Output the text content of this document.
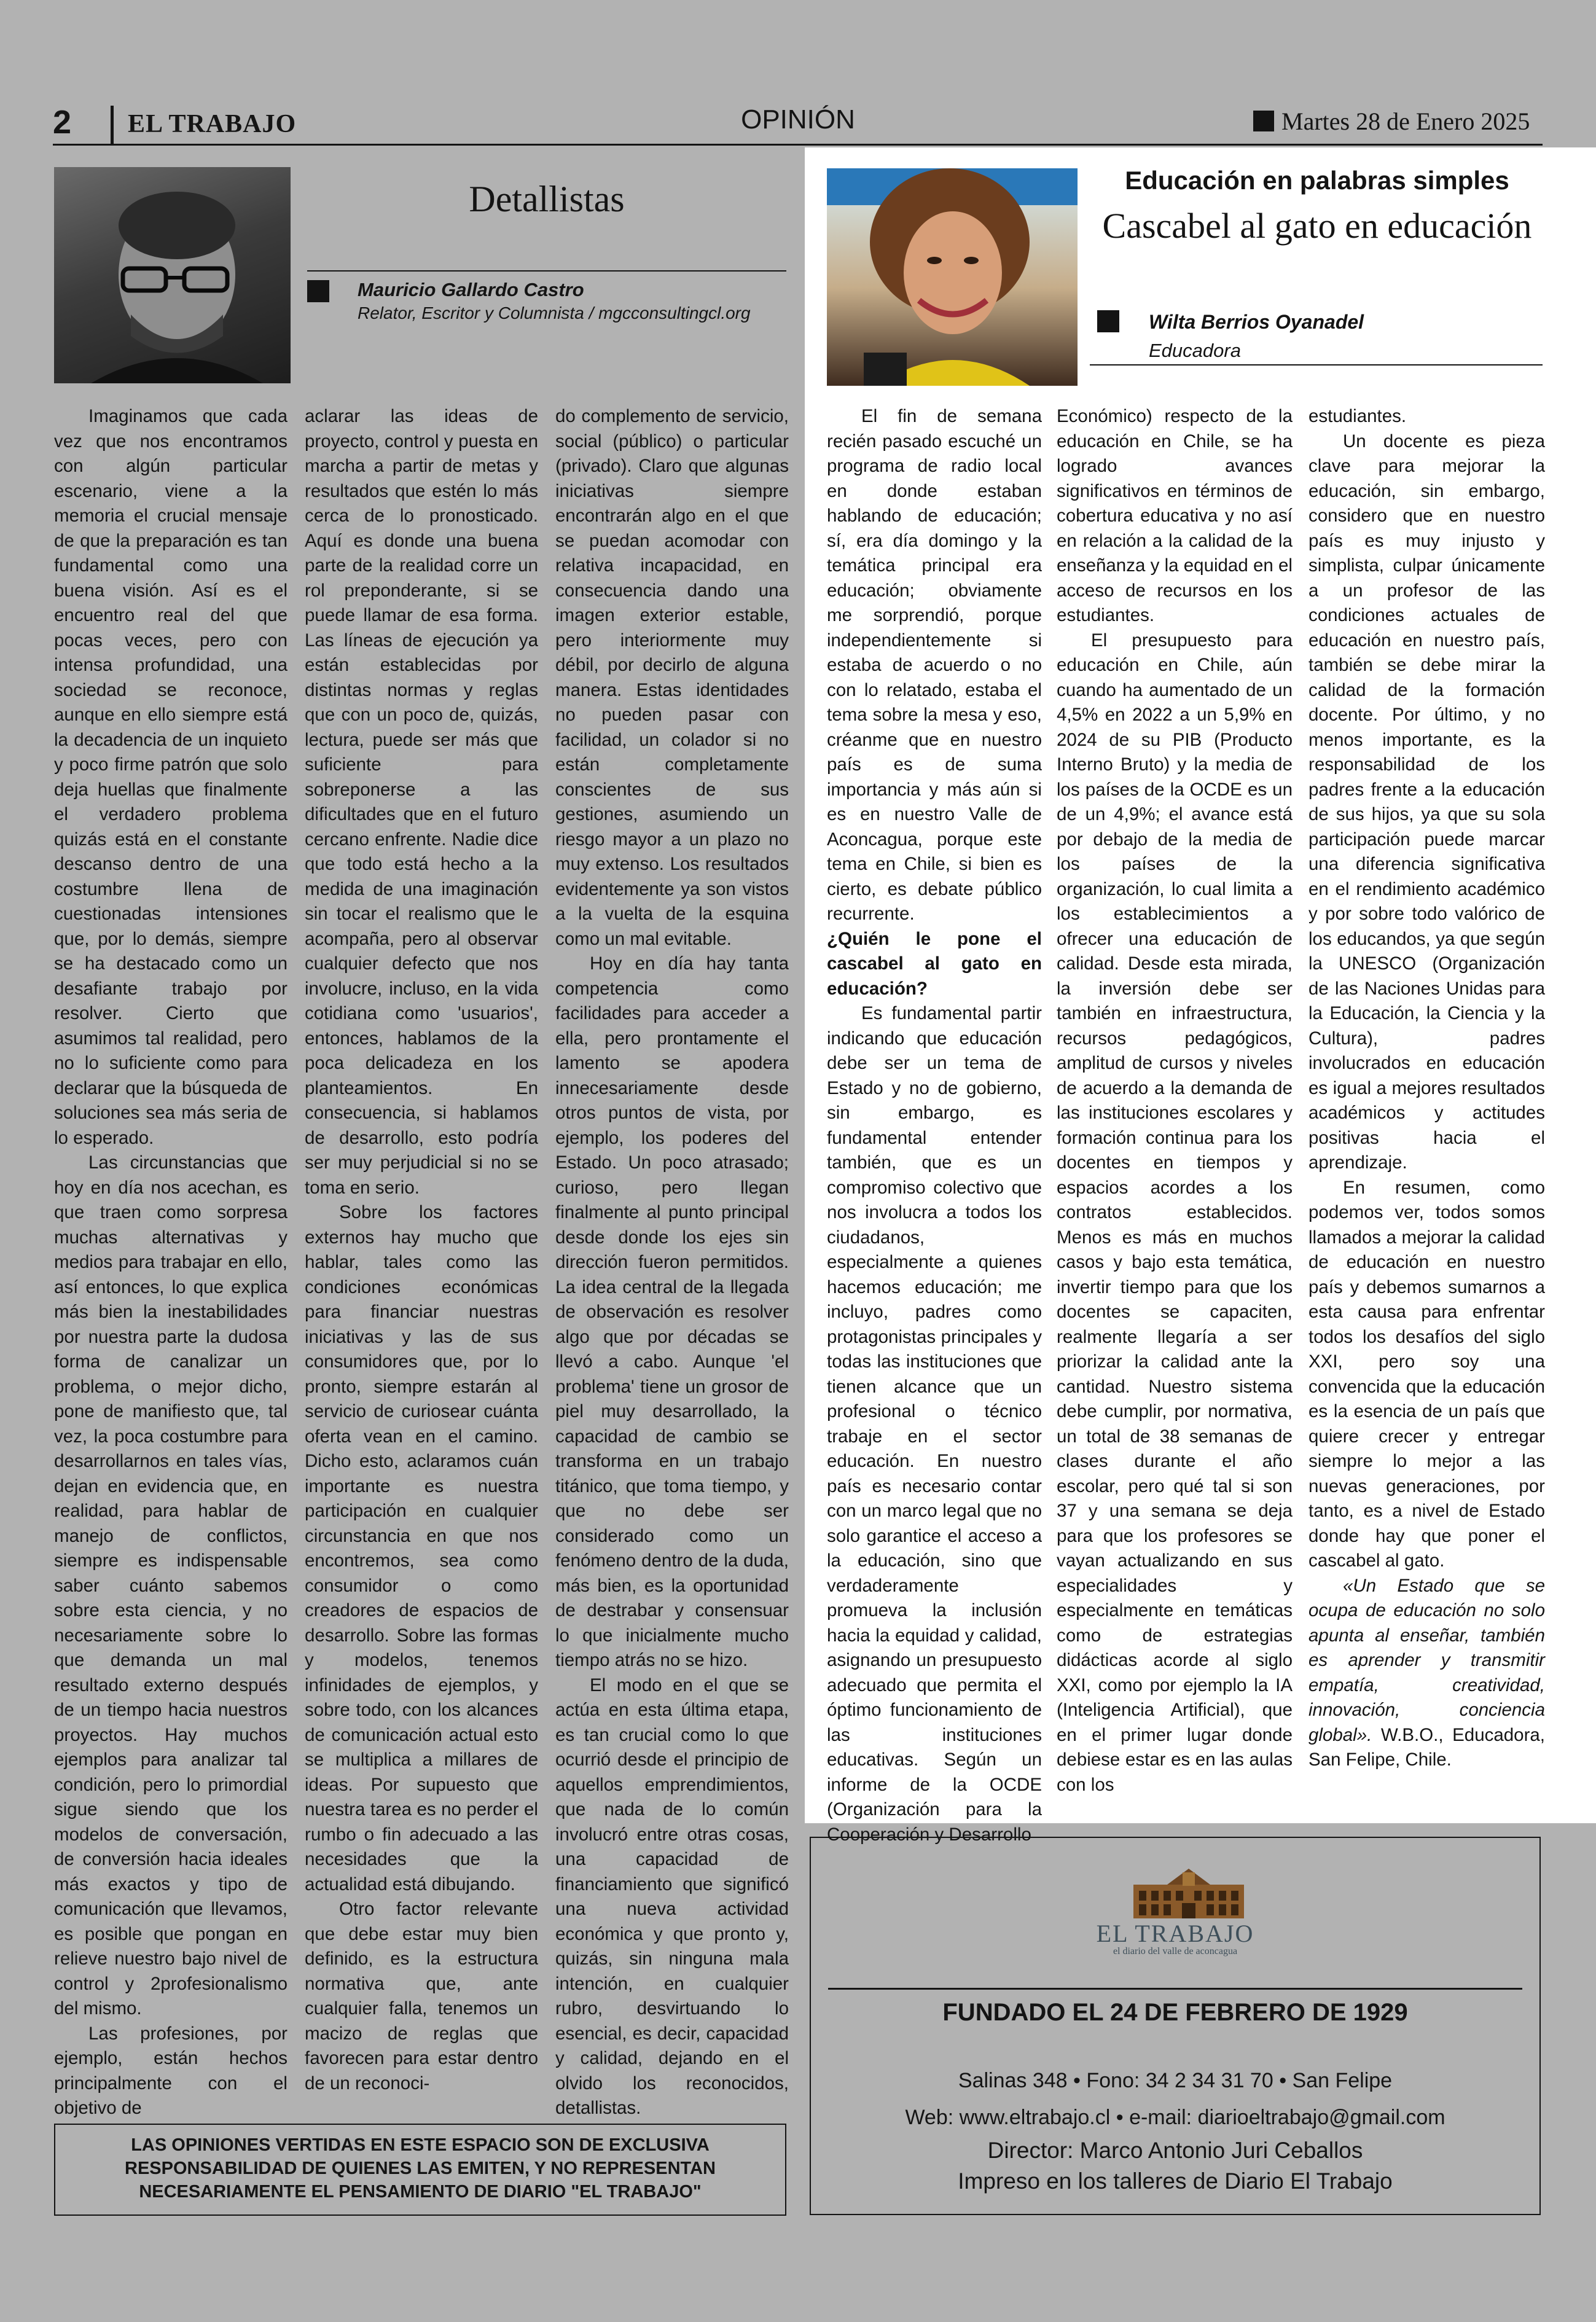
2 EL TRABAJO	OPINIÓN	Martes 28 de Enero 2025
Detallistas
Mauricio Gallardo Castro
Relator, Escritor y Columnista / mgcconsultingcl.org

Imaginamos que cada vez que nos encontramos con algún particular escenario, viene a la memoria el crucial mensaje de que la preparación es tan fundamental como una buena visión. Así es el encuentro real del que pocas veces, pero con intensa profundidad, una sociedad se reconoce, aunque en ello siempre está la decadencia de un inquieto y poco firme patrón que solo deja huellas que finalmente el verdadero problema quizás está en el constante descanso dentro de una costumbre llena de cuestionadas intensiones que, por lo demás, siempre se ha destacado como un desafiante trabajo por resolver. Cierto que asumimos tal realidad, pero no lo suficiente como para declarar que la búsqueda de soluciones sea más seria de lo esperado.

Las circunstancias que hoy en día nos acechan, es que traen como sorpresa muchas alternativas y medios para trabajar en ello, así entonces, lo que explica más bien la inestabilidades por nuestra parte la dudosa forma de canalizar un problema, o mejor dicho, pone de manifiesto que, tal vez, la poca costumbre para desarrollarnos en tales vías, dejan en evidencia que, en realidad, para hablar de manejo de conflictos, siempre es indispensable saber cuánto sabemos sobre esta ciencia, y no necesariamente sobre lo que demanda un mal resultado externo después de un tiempo hacia nuestros proyectos. Hay muchos ejemplos para analizar tal condición, pero lo primordial sigue siendo que los modelos de conversación, de conversión hacia ideales más exactos y tipo de comunicación que llevamos, es posible que pongan en relieve nuestro bajo nivel de control y 2profesionalismo del mismo.

Las profesiones, por ejemplo, están hechos principalmente con el objetivo de

aclarar las ideas de proyecto, control y puesta en marcha a partir de metas y resultados que estén lo más cerca de lo pronosticado. Aquí es donde una buena parte de la realidad corre un rol preponderante, si se puede llamar de esa forma. Las líneas de ejecución ya están establecidas por distintas normas y reglas que con un poco de, quizás, lectura, puede ser más que suficiente para sobreponerse a las dificultades que en el futuro cercano enfrente. Nadie dice que todo está hecho a la medida de una imaginación sin tocar el realismo que le acompaña, pero al observar cualquier defecto que nos involucre, incluso, en la vida cotidiana como 'usuarios', entonces, hablamos de la poca delicadeza en los planteamientos. En consecuencia, si hablamos de desarrollo, esto podría ser muy perjudicial si no se toma en serio.

Sobre los factores externos hay mucho que hablar, tales como las condiciones económicas para financiar nuestras iniciativas y las de sus consumidores que, por lo pronto, siempre estarán al servicio de curiosear cuánta oferta vean en el camino. Dicho esto, aclaramos cuán importante es nuestra participación en cualquier circunstancia en que nos encontremos, sea como consumidor o como creadores de espacios de desarrollo. Sobre las formas y modelos, tenemos infinidades de ejemplos, y sobre todo, con los alcances de comunicación actual esto se multiplica a millares de ideas. Por supuesto que nuestra tarea es no perder el rumbo o fin adecuado a las necesidades que la actualidad está dibujando.

Otro factor relevante que debe estar muy bien definido, es la estructura normativa que, ante cualquier falla, tenemos un macizo de reglas que favorecen para estar dentro de un reconoci-

do complemento de servicio, social (público) o particular (privado). Claro que algunas iniciativas siempre encontrarán algo en el que se puedan acomodar con relativa incapacidad, en consecuencia dando una imagen exterior estable, pero interiormente muy débil, por decirlo de alguna manera. Estas identidades no pueden pasar con facilidad, un colador si no están completamente conscientes de sus gestiones, asumiendo un riesgo mayor a un plazo no muy extenso. Los resultados evidentemente ya son vistos a la vuelta de la esquina como un mal evitable.

Hoy en día hay tanta competencia como facilidades para acceder a ella, pero prontamente el lamento se apodera innecesariamente desde otros puntos de vista, por ejemplo, los poderes del Estado. Un poco atrasado; curioso, pero llegan finalmente al punto principal desde donde los ejes sin dirección fueron permitidos. La idea central de la llegada de observación es resolver algo que por décadas se llevó a cabo. Aunque 'el problema' tiene un grosor de piel muy desarrollado, la capacidad de cambio se transforma en un trabajo titánico, que toma tiempo, y que no debe ser considerado como un fenómeno dentro de la duda, más bien, es la oportunidad de destrabar y consensuar lo que inicialmente mucho tiempo atrás no se hizo.

El modo en el que se actúa en esta última etapa, es tan crucial como lo que ocurrió desde el principio de aquellos emprendimientos, que nada de lo común involucró entre otras cosas, una capacidad de financiamiento que significó una nueva actividad económica y que pronto y, quizás, sin ninguna mala intención, en cualquier rubro, desvirtuando lo esencial, es decir, capacidad y calidad, dejando en el olvido los reconocidos, detallistas.

LAS OPINIONES VERTIDAS EN ESTE ESPACIO SON DE EXCLUSIVA RESPONSABILIDAD DE QUIENES LAS EMITEN, Y NO REPRESENTAN NECESARIAMENTE EL PENSAMIENTO DE DIARIO "EL TRABAJO"
Educación en palabras simples
Cascabel al gato en educación
Wilta Berrios Oyanadel
Educadora

El fin de semana recién pasado escuché un programa de radio local en donde estaban hablando de educación; sí, era día domingo y la temática principal era educación; obviamente me sorprendió, porque independientemente si estaba de acuerdo o no con lo relatado, estaba el tema sobre la mesa y eso, créanme que en nuestro país es de suma importancia y más aún si es en nuestro Valle de Aconcagua, porque este tema en Chile, si bien es cierto, es debate público recurrente.

¿Quién le pone el cascabel al gato en educación?

Es fundamental partir indicando que educación debe ser un tema de Estado y no de gobierno, sin embargo, es fundamental entender también, que es un compromiso colectivo que nos involucra a todos los ciudadanos, especialmente a quienes hacemos educación; me incluyo, padres como protagonistas principales y todas las instituciones que tienen alcance que un profesional o técnico trabaje en el sector educación. En nuestro país es necesario contar con un marco legal que no solo garantice el acceso a la educación, sino que verdaderamente promueva la inclusión hacia la equidad y calidad, asignando un presupuesto adecuado que permita el óptimo funcionamiento de las instituciones educativas. Según un informe de la OCDE (Organización para la Cooperación y Desarrollo

Económico) respecto de la educación en Chile, se ha logrado avances significativos en términos de cobertura educativa y no así en relación a la calidad de la enseñanza y la equidad en el acceso de recursos en los estudiantes.

El presupuesto para educación en Chile, aún cuando ha aumentado de un 4,5% en 2022 a un 5,9% en 2024 de su PIB (Producto Interno Bruto) y la media de los países de la OCDE es un de un 4,9%; el avance está por debajo de la media de los países de la organización, lo cual limita a los establecimientos a ofrecer una educación de calidad. Desde esta mirada, la inversión debe ser también en infraestructura, recursos pedagógicos, amplitud de cursos y niveles de acuerdo a la demanda de las instituciones escolares y formación continua para los docentes en tiempos y espacios acordes a los contratos establecidos. Menos es más en muchos casos y bajo esta temática, invertir tiempo para que los docentes se capaciten, realmente llegaría a ser priorizar la calidad ante la cantidad. Nuestro sistema debe cumplir, por normativa, un total de 38 semanas de clases durante el año escolar, pero qué tal si son 37 y una semana se deja para que los profesores se vayan actualizando en sus especialidades y especialmente en temáticas como de estrategias didácticas acorde al siglo XXI, como por ejemplo la IA (Inteligencia Artificial), que en el primer lugar donde debiese estar es en las aulas con los

estudiantes.

Un docente es pieza clave para mejorar la educación, sin embargo, considero que en nuestro país es muy injusto y simplista, culpar únicamente a un profesor de las condiciones actuales de educación en nuestro país, también se debe mirar la calidad de la formación docente. Por último, y no menos importante, es la responsabilidad de los padres frente a la educación de sus hijos, ya que su sola participación puede marcar una diferencia significativa en el rendimiento académico y por sobre todo valórico de los educandos, ya que según la UNESCO (Organización de las Naciones Unidas para la Educación, la Ciencia y la Cultura), padres involucrados en educación es igual a mejores resultados académicos y actitudes positivas hacia el aprendizaje.

En resumen, como podemos ver, todos somos llamados a mejorar la calidad de educación en nuestro país y debemos sumarnos a esta causa para enfrentar todos los desafíos del siglo XXI, pero soy una convencida que la educación es la esencia de un país que quiere crecer y entregar siempre lo mejor a las nuevas generaciones, por tanto, es a nivel de Estado donde hay que poner el cascabel al gato.

«Un Estado que se ocupa de educación no solo apunta al enseñar, también es aprender y transmitir empatía, creatividad, innovación, conciencia global». W.B.O., Educadora, San Felipe, Chile.

EL TRABAJO
el diario del valle de aconcagua
FUNDADO EL 24 DE FEBRERO DE 1929
Salinas 348 • Fono: 34 2 34 31 70 • San Felipe
Web: www.eltrabajo.cl • e-mail: diarioeltrabajo@gmail.com
Director: Marco Antonio Juri Ceballos
Impreso en los talleres de Diario El Trabajo
